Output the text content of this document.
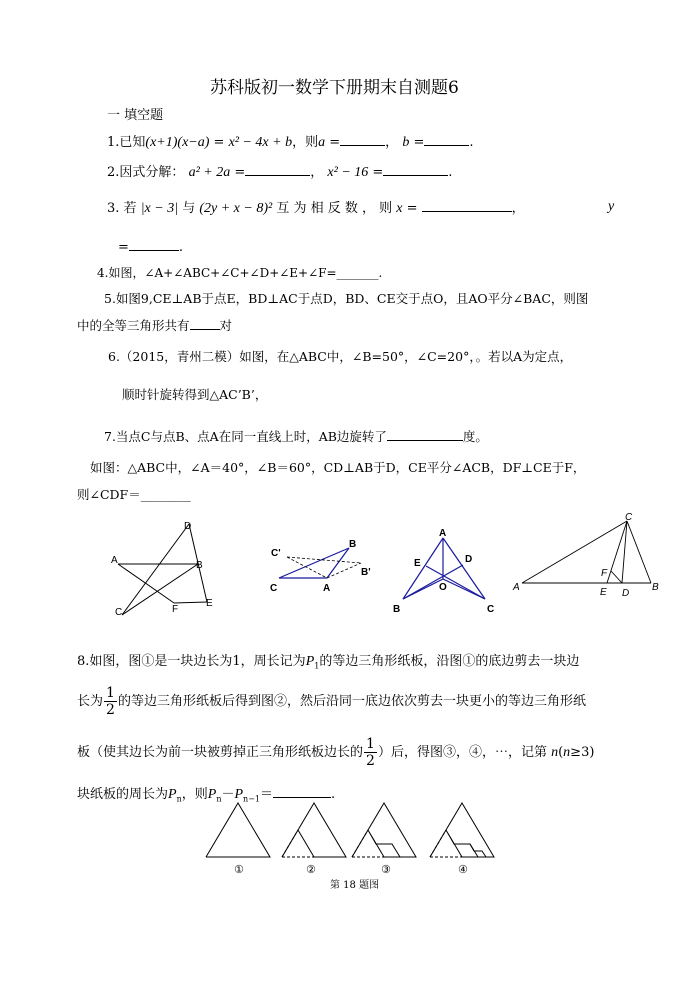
苏科版初一数学下册期末自测题6
一 填空题
1.已知(x+1)(x−a) = x² − 4x + b，则a =	， b =	.
2.因式分解： a² + 2a =	， x² − 16 =	.
3. 若 |x − 3| 与 (2y + x − 8)² 互 为 相 反 数 ， 则 x =	，	y
=	.
4.如图，∠A+∠ABC+∠C+∠D+∠E+∠F=_______.
5.如图9,CE⊥AB于点E，BD⊥AC于点D，BD、CE交于点O，且AO平分∠BAC，则图
中的全等三角形共有 对
6.（2015，青州二模）如图，在△ABC中，∠B=50°，∠C=20°，。若以A为定点，
顺时针旋转得到△AC’B’，
7.当点C与点B、点A在同一直线上时，AB边旋转了	度。
如图：△ABC中，∠A＝40°，∠B＝60°，CD⊥AB于D，CE平分∠ACB，DF⊥CE于F，
则∠CDF＝________
D
A	B
C	F
E
C'
B
B'
C	A
A
E	D
O
B	C
C
A
F
E D
B
8.如图，图①是一块边长为1，周长记为$P_1$的等边三角形纸板，沿图①的底边剪去一块边
长为 $\frac{1}{2}$ 的等边三角形纸板后得到图②，然后沿同一底边依次剪去一块更小的等边三角形纸
板（使其边长为前一块被剪掉正三角形纸板边长的 $\frac{1}{2}$ ）后，得图③，④，⋯，记第 n(n≥3)
块纸板的周长为$P_n$，则$P_n-P_{n-1}=$	.
①	②	③	④
第 18 题图
